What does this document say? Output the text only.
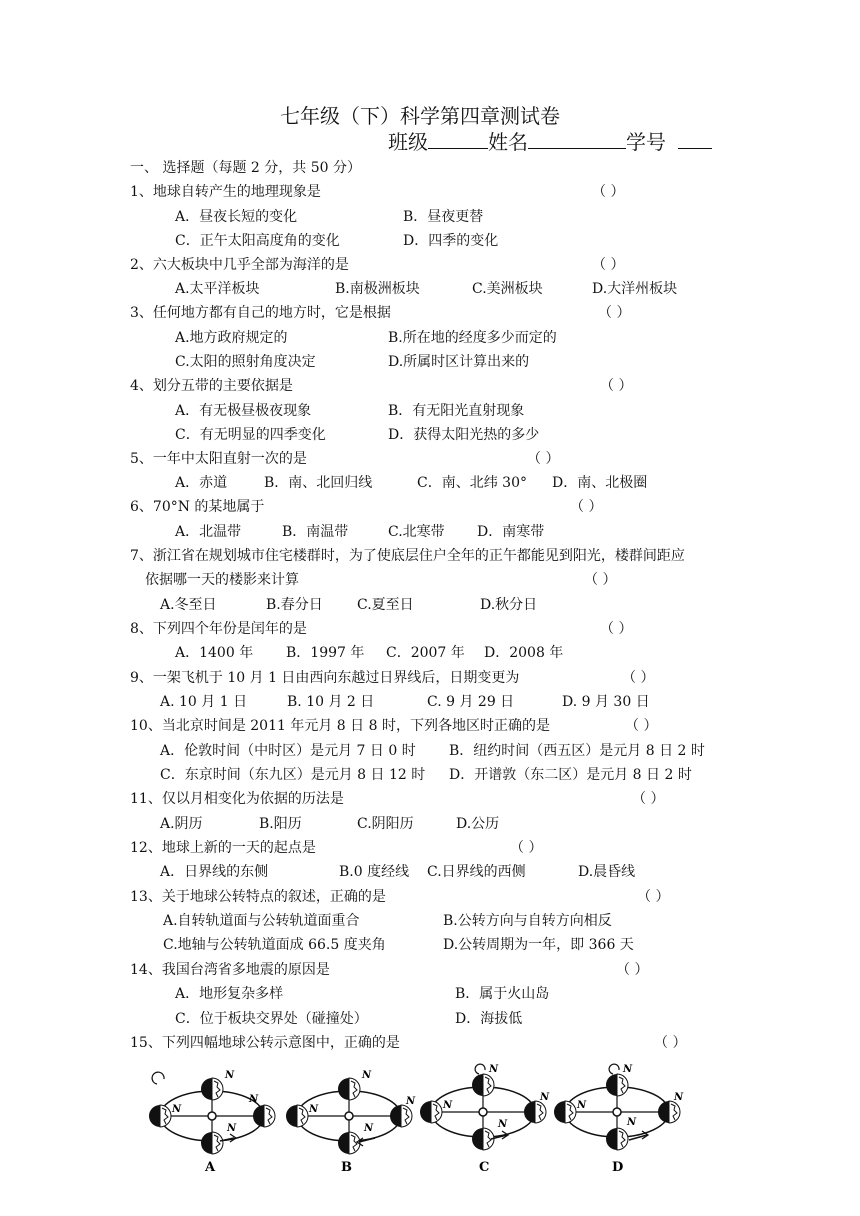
七年级（下）科学第四章测试卷
班级	姓名	学号
一、 选择题（每题 2 分，共 50 分）
1、地球自转产生的地理现象是	（ ）
A．昼夜长短的变化	B．昼夜更替
C．正午太阳高度角的变化	D．四季的变化
2、六大板块中几乎全部为海洋的是	（ ）
A.太平洋板块	B.南极洲板块	C.美洲板块	D.大洋州板块
3、任何地方都有自己的地方时，它是根据	（ ）
A.地方政府规定的	B.所在地的经度多少而定的
C.太阳的照射角度决定	D.所属时区计算出来的
4、划分五带的主要依据是	（ ）
A．有无极昼极夜现象	B．有无阳光直射现象
C．有无明显的四季变化	D．获得太阳光热的多少
5、一年中太阳直射一次的是	（ ）
A．赤道	B．南、北回归线	C．南、北纬 30° D．南、北极圈
6、70°N 的某地属于	（ ）
A．北温带	B．南温带	C.北寒带 D．南寒带
7、浙江省在规划城市住宅楼群时，为了使底层住户全年的正午都能见到阳光，楼群间距应
依据哪一天的楼影来计算	（ ）
A.冬至日	B.春分日 C.夏至日	D.秋分日
8、下列四个年份是闰年的是	（ ）
A．1400 年 B．1997 年 C．2007 年 D．2008 年
9、一架飞机于 10 月 1 日由西向东越过日界线后，日期变更为	（ ）
A. 10 月 1 日	B. 10 月 2 日	C. 9 月 29 日	D. 9 月 30 日
10、当北京时间是 2011 年元月 8 日 8 时，下列各地区时正确的是	（ ）
A．伦敦时间（中时区）是元月 7 日 0 时 B．纽约时间（西五区）是元月 8 日 2 时
C．东京时间（东九区）是元月 8 日 12 时 D．开谱敦（东二区）是元月 8 日 2 时
11、仅以月相变化为依据的历法是	（ ）
A.阴历	B.阳历	C.阴阳历	D.公历
12、地球上新的一天的起点是	（ ）
A．日界线的东侧	B.0 度经线 C.日界线的西侧	D.晨昏线
13、关于地球公转特点的叙述，正确的是	（ ）
A.自转轨道面与公转轨道面重合	B.公转方向与自转方向相反
C.地轴与公转轨道面成 66.5 度夹角	D.公转周期为一年，即 366 天
14、我国台湾省多地震的原因是	（ ）
A．地形复杂多样	B．属于火山岛
C．位于板块交界处（碰撞处）	D．海拔低
15、下列四幅地球公转示意图中，正确的是	（ ）
N
N
N
N
A
N
N
N
N
B
N
N
N
N
C
N
N
N
N
D
